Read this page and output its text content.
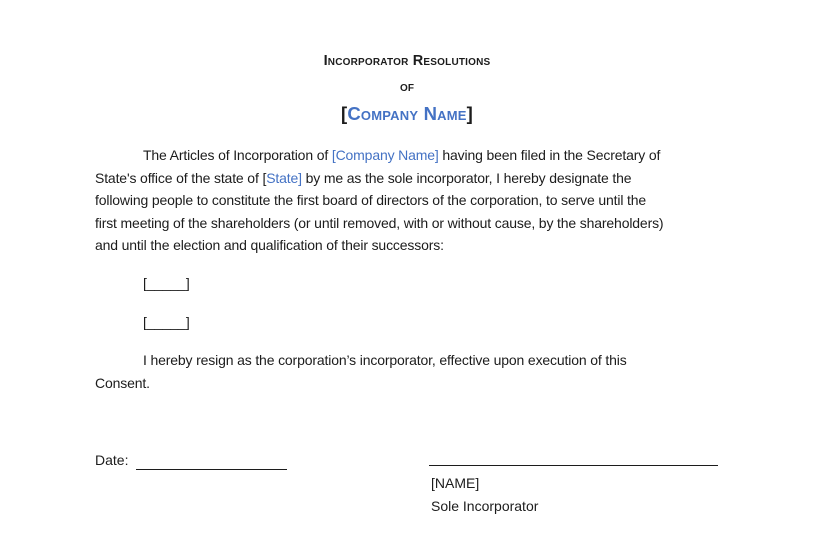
Incorporator Resolutions
of
[Company Name]
The Articles of Incorporation of [Company Name] having been filed in the Secretary of
State's office of the state of [State] by me as the sole incorporator, I hereby designate the
following people to constitute the first board of directors of the corporation, to serve until the
first meeting of the shareholders (or until removed, with or without cause, by the shareholders)
and until the election and qualification of their successors:
[_____]
[_____]
I hereby resign as the corporation’s incorporator, effective upon execution of this
Consent.
Date:
[NAME]
Sole Incorporator
